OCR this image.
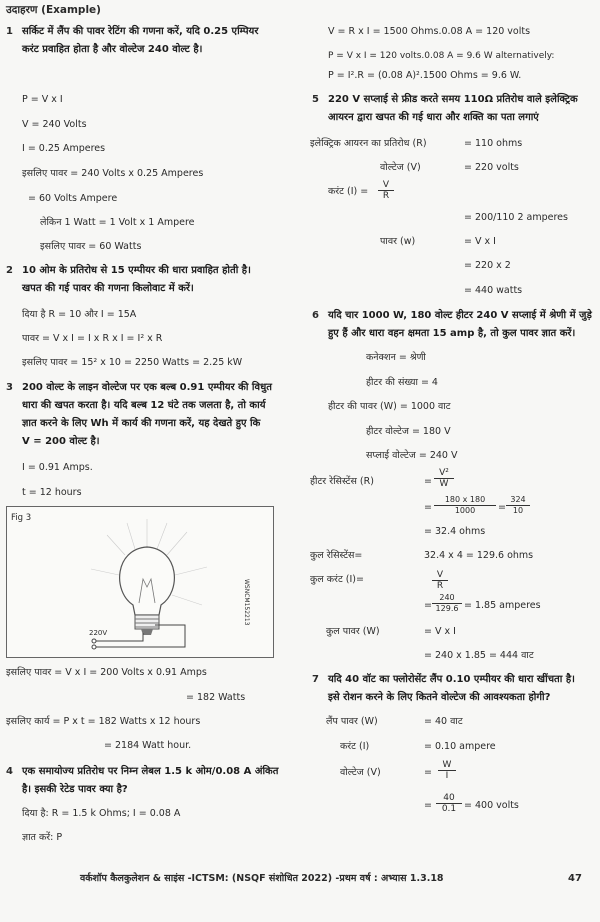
उदाहरण (Example)
1 सर्किट में लैंप की पावर रेटिंग की गणना करें, यदि 0.25 एम्पियर
करंट प्रवाहित होता है और वोल्टेज 240 वोल्ट है।
P = V x I
V = 240 Volts
I = 0.25 Amperes
इसलिए पावर = 240 Volts x 0.25 Amperes
= 60 Volts Ampere
लेकिन 1 Watt = 1 Volt x 1 Ampere
इसलिए पावर = 60 Watts
2 10 ओम के प्रतिरोध से 15 एम्पीयर की धारा प्रवाहित होती है।
खपत की गई पावर की गणना किलोवाट में करें।
दिया है R = 10 और I = 15A
पावर = V x I = I x R x I = I² x R
इसलिए पावर = 15² x 10 = 2250 Watts = 2.25 kW
3 200 वोल्ट के लाइन वोल्टेज पर एक बल्ब 0.91 एम्पीयर की विधुत
धारा की खपत करता है। यदि बल्ब 12 घंटे तक जलता है, तो कार्य
ज्ञात करने के लिए Wh में कार्य की गणना करें, यह देखते हुए कि
V = 200 वोल्ट है।
I = 0.91 Amps.
t = 12 hours
Fig 3
220V
WSNCM152213
इसलिए पावर = V x I = 200 Volts x 0.91 Amps
= 182 Watts
इसलिए कार्य = P x t = 182 Watts x 12 hours
= 2184 Watt hour.
4 एक समायोज्य प्रतिरोध पर निम्न लेबल 1.5 k ओम/0.08 A अंकित
है। इसकी रेटेड पावर क्या है?
दिया है: R = 1.5 k Ohms; I = 0.08 A
ज्ञात करें: P
V = R x I = 1500 Ohms.0.08 A = 120 volts
P = V x I = 120 volts.0.08 A = 9.6 W alternatively:
P = I².R = (0.08 A)².1500 Ohms = 9.6 W.
5 220 V सप्लाई से फ्रीड करते समय 110Ω प्रतिरोध वाले इलेक्ट्रिक
आयरन द्वारा खपत की गई धारा और शक्ति का पता लगाएं
इलेक्ट्रिक आयरन का प्रतिरोध (R)	= 110 ohms
वोल्टेज (V)	= 220 volts
करंट $(I) = \frac{V}{R}$
= 200/110 2 amperes
पावर (w)	= V x I
= 220 x 2
= 440 watts
6 यदि चार 1000 W, 180 वोल्ट हीटर 240 V सप्लाई में श्रेणी में जुड़े
हुए हैं और धारा वहन क्षमता 15 amp है, तो कुल पावर ज्ञात करें।
कनेक्शन = श्रेणी
हीटर की संख्या = 4
हीटर की पावर (W) = 1000 वाट
हीटर वोल्टेज = 180 V
सप्लाई वोल्टेज = 240 V
हीटर रेसिस्टेंस (R)	= $\frac{\text{V²}}{W}$
= $\frac{180 x 180}{1000} = \frac{324}{10}$
= 32.4 ohms
कुल रेसिस्टेंस=	32.4 x 4 = 129.6 ohms
कुल करंट (I)=	$\frac{V}{R}$
= $\frac{240}{129.6} = 1.85$ amperes
कुल पावर (W)	= V x I
= 240 x 1.85 = 444 वाट
7 यदि 40 वॉट का फ्लोरोसेंट लैंप 0.10 एम्पीयर की धारा खींचता है।
इसे रोशन करने के लिए कितने वोल्टेज की आवश्यकता होगी?
लैंप पावर (W)	= 40 वाट
करंट (I)	= 0.10 ampere
वोल्टेज (V)	= $\frac{W}{I}$
= $\frac{40}{0.1} = 400$ volts
वर्कशॉप कैलकुलेशन & साइंस -ICTSM: (NSQF संशोधित 2022) -प्रथम वर्ष : अभ्यास 1.3.18	47
